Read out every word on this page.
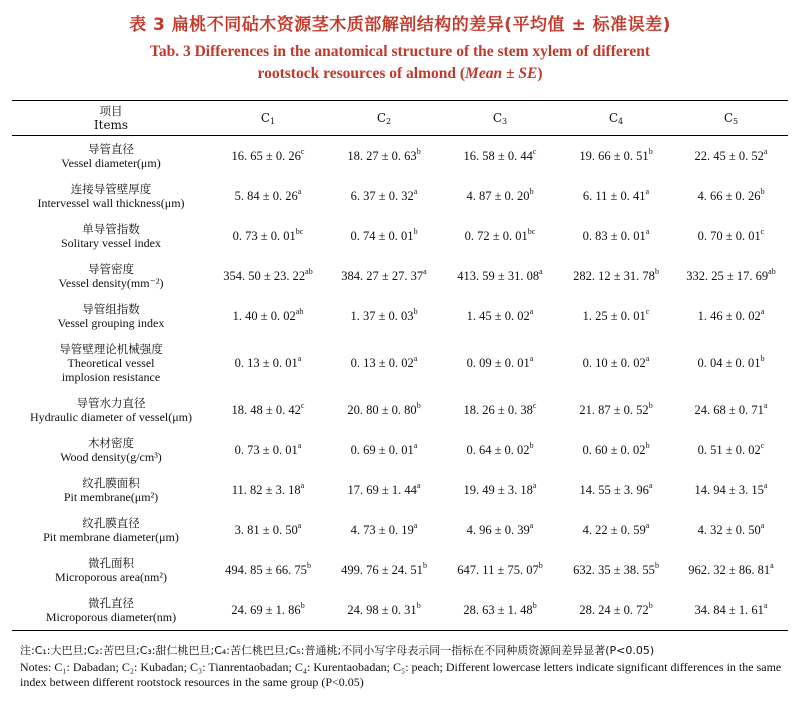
表 3 扁桃不同砧木资源茎木质部解剖结构的差异(平均值 ± 标准误差)
Tab. 3 Differences in the anatomical structure of the stem xylem of different
rootstock resources of almond (Mean ± SE)
项目
Items	$C_1$	$C_2$	$C_3$	$C_4$	$C_5$

导管直径
Vessel diameter(μm)	16. 65 ± 0. 26$^c$	18. 27 ± 0. 63$^b$	16. 58 ± 0. 44$^c$	19. 66 ± 0. 51$^b$	22. 45 ± 0. 52$^a$

连接导管壁厚度
Intervessel wall thickness(μm)	5. 84 ± 0. 26$^a$	6. 37 ± 0. 32$^a$	4. 87 ± 0. 20$^b$	6. 11 ± 0. 41$^a$	4. 66 ± 0. 26$^b$

单导管指数
Solitary vessel index	0. 73 ± 0. $01^{bc}$	0. 74 ± 0. 01$^b$	0. 72 ± 0. $01^{bc}$	0. 83 ± 0. 01$^a$	0. 70 ± 0. 01$^c$

导管密度
Vessel density(mm⁻²)	354. 50 ± 23. $22^{ab}$	384. 27 ± 27. 37$^a$	413. 59 ± 31. 08$^a$	282. 12 ± 31. 78$^b$	332. 25 ± 17. $69^{ab}$

导管组指数
Vessel grouping index	1. 40 ± 0. $02^{ab}$	1. 37 ± 0. 03$^b$	1. 45 ± 0. 02$^a$	1. 25 ± 0. 01$^c$	1. 46 ± 0. 02$^a$

导管壁理论机械强度
Theoretical vessel
implosion resistance	0. 13 ± 0. 01$^a$	0. 13 ± 0. 02$^a$	0. 09 ± 0. 01$^a$	0. 10 ± 0. 02$^a$	0. 04 ± 0. 01$^b$

导管水力直径
Hydraulic diameter of vessel(μm)	18. 48 ± 0. 42$^c$	20. 80 ± 0. 80$^b$	18. 26 ± 0. 38$^c$	21. 87 ± 0. 52$^b$	24. 68 ± 0. 71$^a$

木材密度
Wood density(g/cm³)	0. 73 ± 0. 01$^a$	0. 69 ± 0. 01$^a$	0. 64 ± 0. 02$^b$	0. 60 ± 0. 02$^b$	0. 51 ± 0. 02$^c$

纹孔膜面积
Pit membrane(μm²)	11. 82 ± 3. 18$^a$	17. 69 ± 1. 44$^a$	19. 49 ± 3. 18$^a$	14. 55 ± 3. 96$^a$	14. 94 ± 3. 15$^a$

纹孔膜直径
Pit membrane diameter(μm)	3. 81 ± 0. 50$^a$	4. 73 ± 0. 19$^a$	4. 96 ± 0. 39$^a$	4. 22 ± 0. 59$^a$	4. 32 ± 0. 50$^a$

微孔面积
Microporous area(nm²)	494. 85 ± 66. 75$^b$	499. 76 ± 24. 51$^b$	647. 11 ± 75. 07$^b$	632. 35 ± 38. 55$^b$	962. 32 ± 86. 81$^a$

微孔直径
Microporous diameter(nm)	24. 69 ± 1. 86$^b$	24. 98 ± 0. 31$^b$	28. 63 ± 1. 48$^b$	28. 24 ± 0. 72$^b$	34. 84 ± 1. 61$^a$
注:C₁:大巴旦;C₂:苦巴旦;C₃:甜仁桃巴旦;C₄:苦仁桃巴旦;C₅:普通桃;不同小写字母表示同一指标在不同种质资源间差异显著(P<0.05)
Notes: C₁: Dabadan; C₂: Kubadan; C₃: Tianrentaobadan; C₄: Kurentaobadan; C₅: peach; Different lowercase letters indicate significant differences in the same index between different rootstock resources in the same group (P<0.05)
